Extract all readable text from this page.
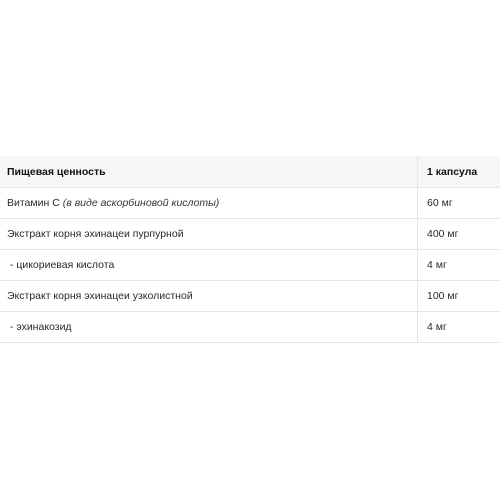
Пищевая ценность	1 капсула
Витамин C (в виде аскорбиновой кислоты)	60 мг
Экстракт корня эхинацеи пурпурной	400 мг
- цикориевая кислота	4 мг
Экстракт корня эхинацеи узколистной	100 мг
- эхинакозид	4 мг
